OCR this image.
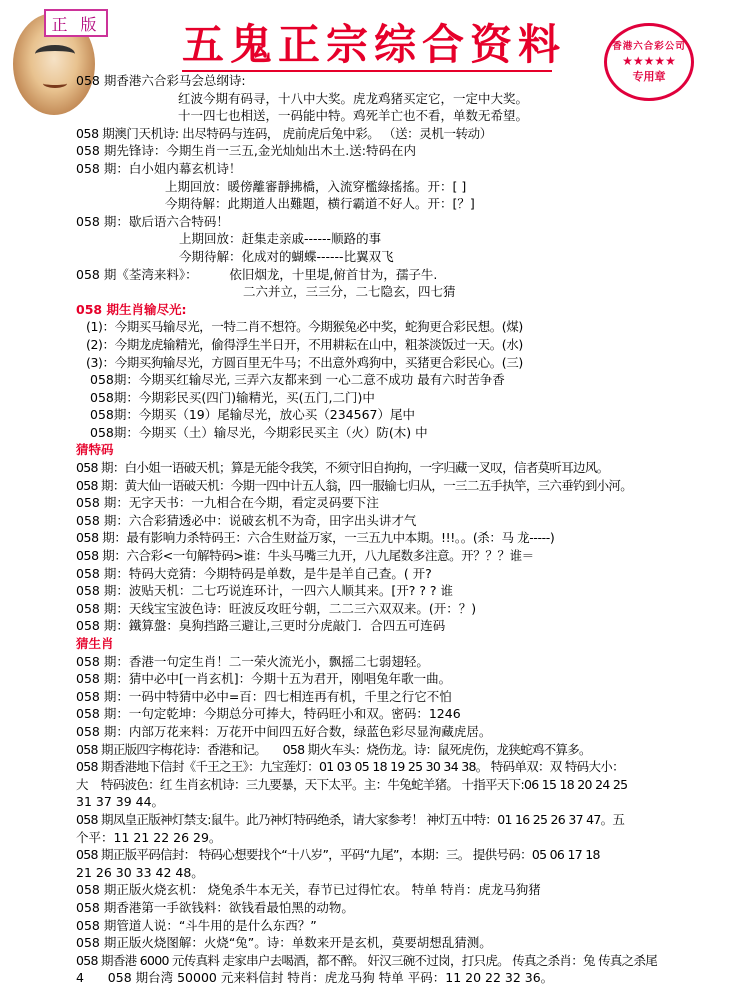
正 版 五鬼正宗综合资料	香港六合彩公司
★★★★★
专用章
058 期香港六合彩马会总纲诗:
红波今期有码寻，十八中大奖。虎龙鸡猪买定它，一定中大奖。
十一四七也相送，一码能中特。鸡死羊亡也不看，单数无希望。
058 期澳门天机诗: 出尽特码与连码， 虎前虎后兔中彩。 （送：灵机一转动）
058 期先锋诗：今期生肖一三五,金光灿灿出木土.送:特码在内
058 期：白小姐内幕玄机诗！
上期回放：暖傍離審靜拂橋，入流穿檻綠搖搖。开：[ ]
今期待解：此期道人出難題，横行霸道不好人。开：[？]
058 期：歇后语六合特码！
上期回放：赶集走亲戚------顺路的事
今期待解：化成对的蝴蝶------比翼双飞
058 期《荃湾来料》：        依旧烟龙，十里堤,俯首甘为，孺子牛.
二六并立，三三分，二七隐玄，四七猜
058 期生肖输尽光:
(1)：今期买马输尽光，一特二肖不想符。今期猴兔必中奖，蛇狗更合彩民想。(煤)
(2)：今期龙虎输精光，偷得浮生半日开，不用耕耘在山中，粗茶淡饭过一天。(水)
(3)：今期买狗输尽光，方圆百里无牛马；不出意外鸡狗中，买猪更合彩民心。(三)
058期：今期买红输尽光, 三弄六友都来到 一心二意不成功 最有六时苦争香
058期：今期彩民买(四门)输精光，买(五门,二门)中
058期：今期买（19）尾输尽光，放心买（234567）尾中
058期：今期买（土）输尽光，今期彩民买主（火）防(木) 中
猜特码
058 期：白小姐一语破天机；算是无能令我笑，不须守旧自拘拘，一字归藏一叉叹，信者莫听耳边风。
058 期：黄大仙一语破天机：今期一四中计五人翁，四一服输七归从，一三二五手执竿，三六垂钓到小河。
058 期：无字天书：一九相合在今期，看定灵码要下注
058 期：六合彩猜透必中：说破玄机不为奇，田字出头讲才气
058 期：最有影响力杀特码王：六合生财益万家，一三五九中本期。!!!。。(杀：马 龙-----)
058 期：六合彩<一句解特码>谁：牛头马嘴三九开，八九尾数多注意。开？？？谁＝
058 期：特码大竞猜：今期特码是单数，是牛是羊自己查。( 开?
058 期：波贴天机：二七巧说连环计，一四六人顺其来。[开? ? ? 谁
058 期：天线宝宝波色诗：旺波反攻旺兮朝，二二三六双双来。(开：？)
058 期：鐵算盤：臭狗挡路三避让,三更时分虎敲门．合四五可连码
猜生肖
058 期：香港一句定生肖！二一荣火流光小，飘摇二七弱翅轻。
058 期：猜中必中[一肖玄机]：今期十五为君开，刚唱兔年歌一曲。
058 期：一码中特猜中必中=百：四七相连再有机，千里之行它不怕
058 期：一句定乾坤：今期总分可捧大，特码旺小和双。密码：1246
058 期：内部万花来料：万花开中间四五好合数，绿蓝色彩尽显洵藏虎居。
058 期正版四字梅花诗：香港和记。     058 期火车头：烧伤龙。诗：鼠死虎伤，龙狭蛇鸡不算多。
058 期香港地下信封《千王之王》：九宝莲灯：01 03 05 18 19 25 30 34 38。 特码单双：双 特码大小：
大    特码波色：红 生肖玄机诗：三九要暴，天下太平。主：牛兔蛇羊猪。 十指平天下:06 15 18 20 24 25
31 37 39 44。
058 期凤皇正版神灯禁支:鼠牛。此乃神灯特码绝杀，请大家参考！ 神灯五中特：01 16 25 26 37 47。五
个平：11 21 22 26 29。
058 期正版平码信封： 特码心想要找个“十八岁”，平码“九尾”，本期：三。 提供号码：05 06 17 18
21 26 30 33 42 48。
058 期正版火烧玄机： 烧兔杀牛本无关，春节已过得忙农。 特单 特肖：虎龙马狗猪
058 期香港第一手欲钱料：欲钱看最怕黑的动物。
058 期管道人说：“斗牛用的是什么东西？”
058 期正版火烧图解：火烧“兔”。诗：单数来开是玄机，莫要胡想乱猜测。
058 期香港 6000 元传真料 走家串户去喝酒，都不醉。 奸汉三碗不过岗，打只虎。 传真之杀肖：兔 传真之杀尾
4      058 期台湾 50000 元来料信封 特肖：虎龙马狗 特单 平码：11 20 22 32 36。
